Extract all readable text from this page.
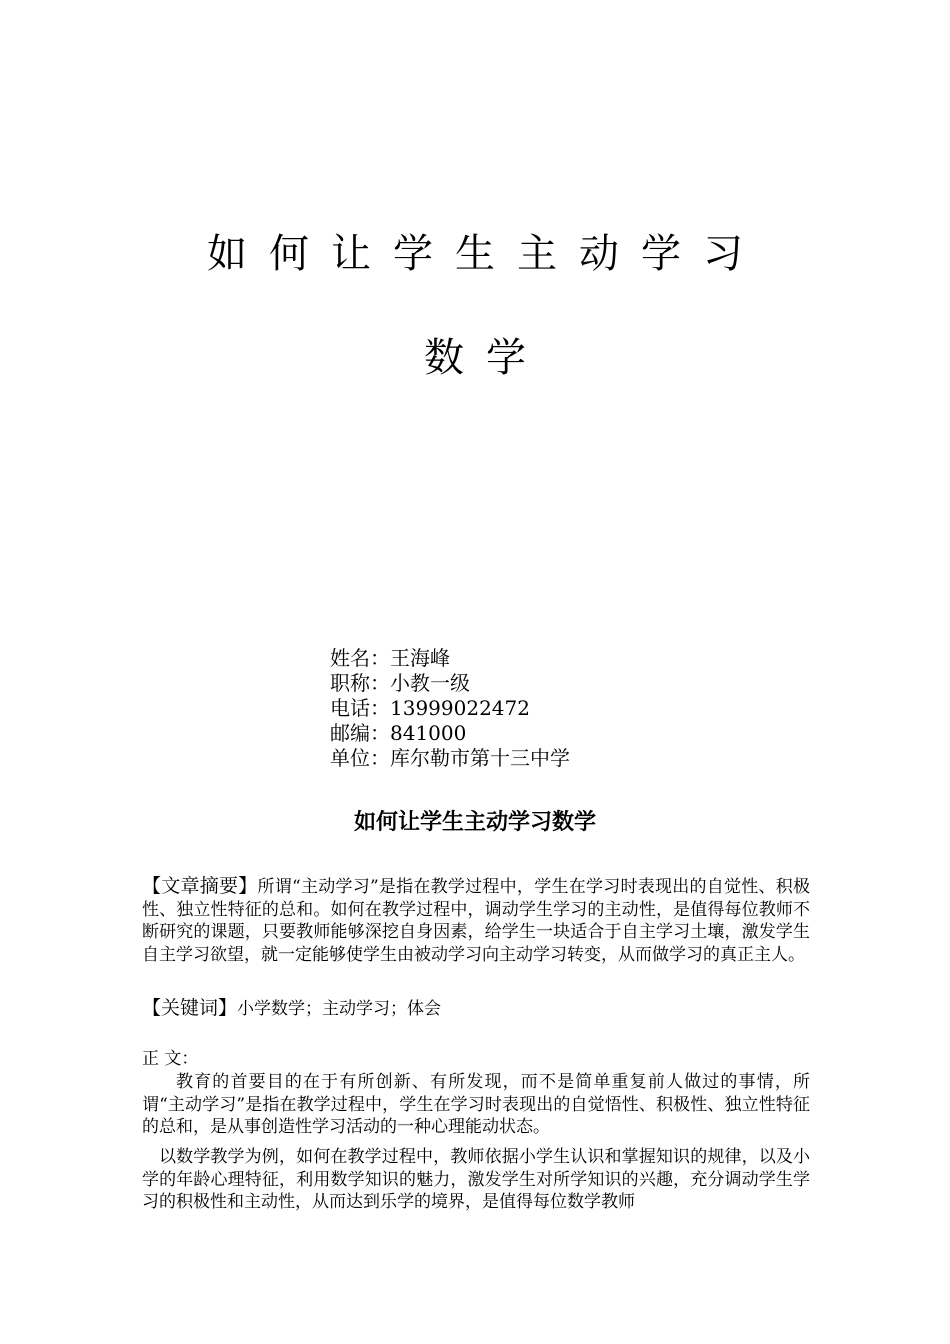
如何让学生主动学习
数学
姓名：王海峰
职称：小教一级
电话：13999022472
邮编：841000
单位：库尔勒市第十三中学
如何让学生主动学习数学
【文章摘要】所谓“主动学习”是指在教学过程中，学生在学习时表现出的自觉性、积极性、独立性特征的总和。如何在教学过程中，调动学生学习的主动性，是值得每位教师不断研究的课题，只要教师能够深挖自身因素，给学生一块适合于自主学习土壤，激发学生自主学习欲望，就一定能够使学生由被动学习向主动学习转变，从而做学习的真正主人。
【关键词】小学数学；主动学习；体会
正 文：
教育的首要目的在于有所创新、有所发现，而不是简单重复前人做过的事情，所谓“主动学习”是指在教学过程中，学生在学习时表现出的自觉悟性、积极性、独立性特征的总和，是从事创造性学习活动的一种心理能动状态。
以数学教学为例，如何在教学过程中，教师依据小学生认识和掌握知识的规律，以及小学的年龄心理特征，利用数学知识的魅力，激发学生对所学知识的兴趣，充分调动学生学习的积极性和主动性，从而达到乐学的境界，是值得每位数学教师
